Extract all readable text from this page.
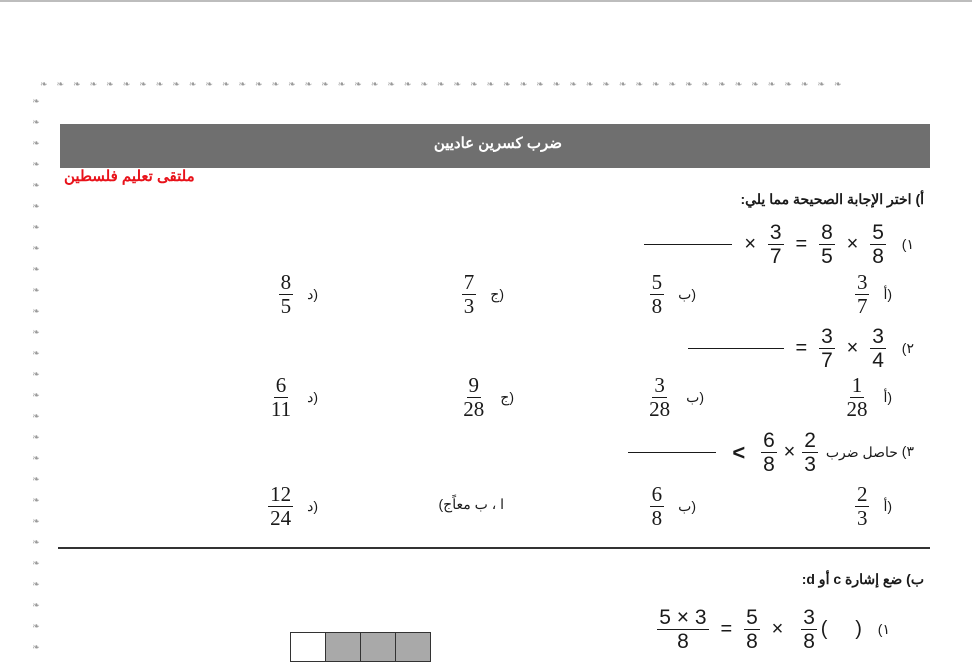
❧❧❧❧❧❧❧❧❧❧❧❧❧❧❧❧❧❧❧❧❧❧❧❧❧❧❧❧❧❧❧❧❧❧❧❧❧❧❧❧❧❧❧❧❧❧❧❧❧
❧
❧
❧
❧
❧
❧
❧
❧
❧
❧
❧
❧
❧
❧
❧
❧
❧
❧
❧
❧
❧
❧
❧
❧
❧
❧
❧
ضرب كسرين عاديين
ملتقى تعليم فلسطين
أ) اختر الإجابة الصحيحة مما يلي:
١)
$\frac{5}{8}$
×
$\frac{8}{5}$
=
$\frac{3}{7}$
×
أ)
$\frac{3}{7}$
ب)
$\frac{5}{8}$
ج)
$\frac{7}{3}$
د)
$\frac{8}{5}$
٢)
$\frac{3}{4}$
×
$\frac{3}{7}$
=
أ)
$\frac{1}{28}$
ب)
$\frac{3}{28}$
ج)
$\frac{9}{28}$
د)
$\frac{6}{11}$
٣) حاصل ضرب
$\frac{2}{3}$
×
$\frac{6}{8}$
>
أ)
$\frac{2}{3}$
ب)
$\frac{6}{8}$
ج) ا ، ب معاً
د)
$\frac{12}{24}$
ب) ضع إشارة c أو d:
١) (     )
$\frac{3}{8}$
×
$\frac{5}{8}$
=
$\frac{5 \times 3}{8}$
